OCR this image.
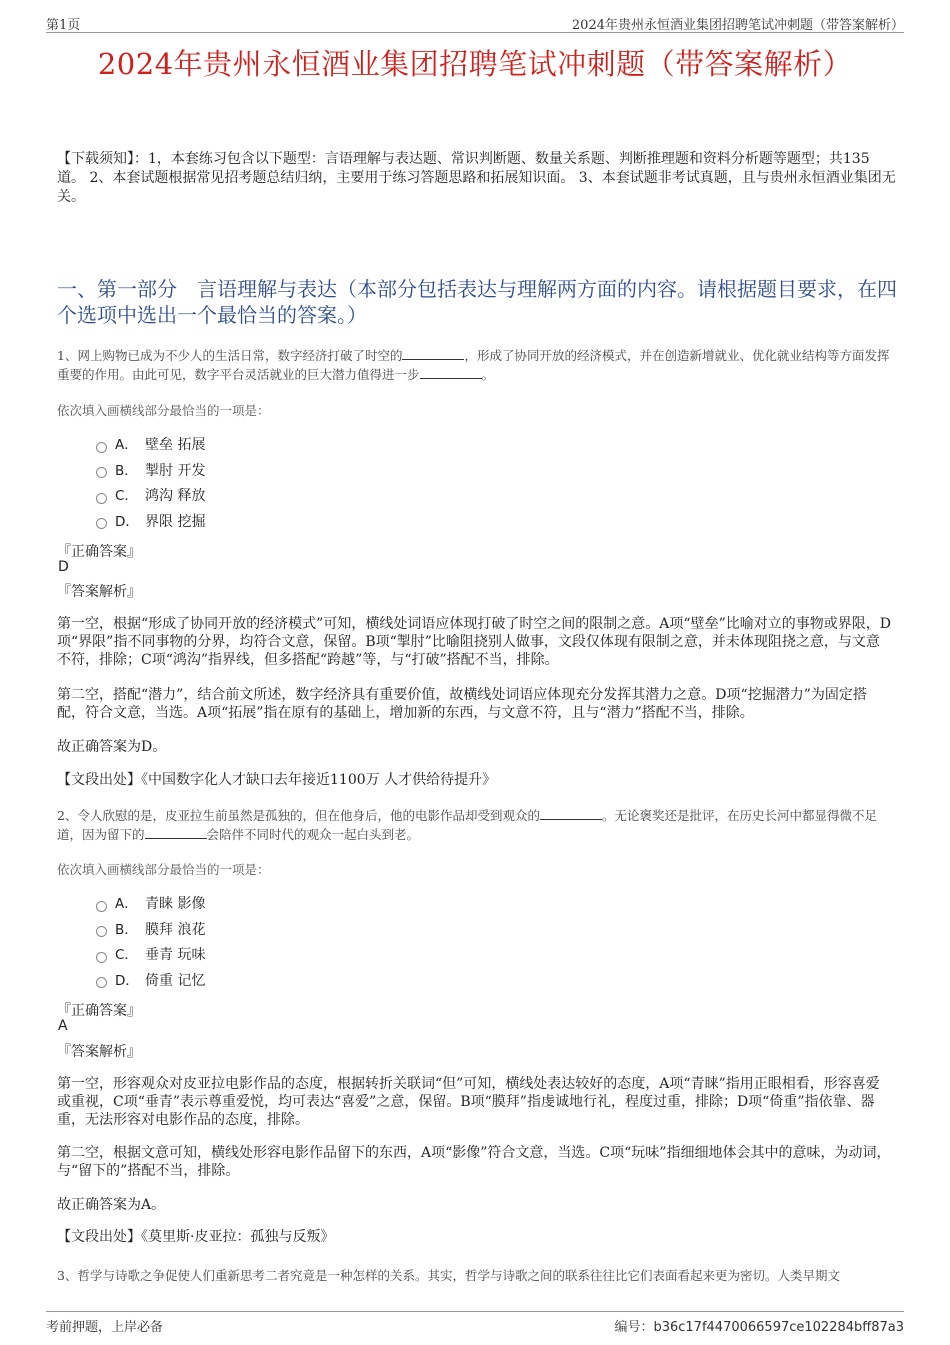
第1页	2024年贵州永恒酒业集团招聘笔试冲刺题（带答案解析）
2024年贵州永恒酒业集团招聘笔试冲刺题（带答案解析）
【下载须知】：1，本套练习包含以下题型：言语理解与表达题、常识判断题、数量关系题、判断推理题和资料分析题等题型；共135道。 2、本套试题根据常见招考题总结归纳，主要用于练习答题思路和拓展知识面。 3、本套试题非考试真题，且与贵州永恒酒业集团无关。
一、第一部分　言语理解与表达（本部分包括表达与理解两方面的内容。请根据题目要求，在四个选项中选出一个最恰当的答案。）
1、网上购物已成为不少人的生活日常，数字经济打破了时空的	，形成了协同开放的经济模式，并在创造新增就业、优化就业结构等方面发挥重要的作用。由此可见，数字平台灵活就业的巨大潜力值得进一步	。
依次填入画横线部分最恰当的一项是：
A． 壁垒 拓展
B． 掣肘 开发
C． 鸿沟 释放
D． 界限 挖掘
『正确答案』
D
『答案解析』
第一空，根据“形成了协同开放的经济模式”可知，横线处词语应体现打破了时空之间的限制之意。A项“壁垒”比喻对立的事物或界限，D项“界限”指不同事物的分界，均符合文意，保留。B项“掣肘”比喻阻挠别人做事，文段仅体现有限制之意，并未体现阻挠之意，与文意不符，排除；C项“鸿沟”指界线，但多搭配“跨越”等，与“打破”搭配不当，排除。
第二空，搭配“潜力”，结合前文所述，数字经济具有重要价值，故横线处词语应体现充分发挥其潜力之意。D项“挖掘潜力”为固定搭配，符合文意，当选。A项“拓展”指在原有的基础上，增加新的东西，与文意不符，且与“潜力”搭配不当，排除。
故正确答案为D。
【文段出处】《中国数字化人才缺口去年接近1100万 人才供给待提升》
2、令人欣慰的是，皮亚拉生前虽然是孤独的，但在他身后，他的电影作品却受到观众的	。无论褒奖还是批评，在历史长河中都显得微不足道，因为留下的	会陪伴不同时代的观众一起白头到老。
依次填入画横线部分最恰当的一项是：
A． 青睐 影像
B． 膜拜 浪花
C． 垂青 玩味
D． 倚重 记忆
『正确答案』
A
『答案解析』
第一空，形容观众对皮亚拉电影作品的态度，根据转折关联词“但”可知，横线处表达较好的态度，A项“青睐”指用正眼相看，形容喜爱或重视，C项“垂青”表示尊重爱悦，均可表达“喜爱”之意，保留。B项“膜拜”指虔诚地行礼，程度过重，排除；D项“倚重”指依靠、器重，无法形容对电影作品的态度，排除。
第二空，根据文意可知，横线处形容电影作品留下的东西，A项“影像”符合文意，当选。C项“玩味”指细细地体会其中的意味，为动词，与“留下的”搭配不当，排除。
故正确答案为A。
【文段出处】《莫里斯·皮亚拉：孤独与反叛》
3、哲学与诗歌之争促使人们重新思考二者究竟是一种怎样的关系。其实，哲学与诗歌之间的联系往往比它们表面看起来更为密切。人类早期文
考前押题，上岸必备	编号：b36c17f4470066597ce102284bff87a3
